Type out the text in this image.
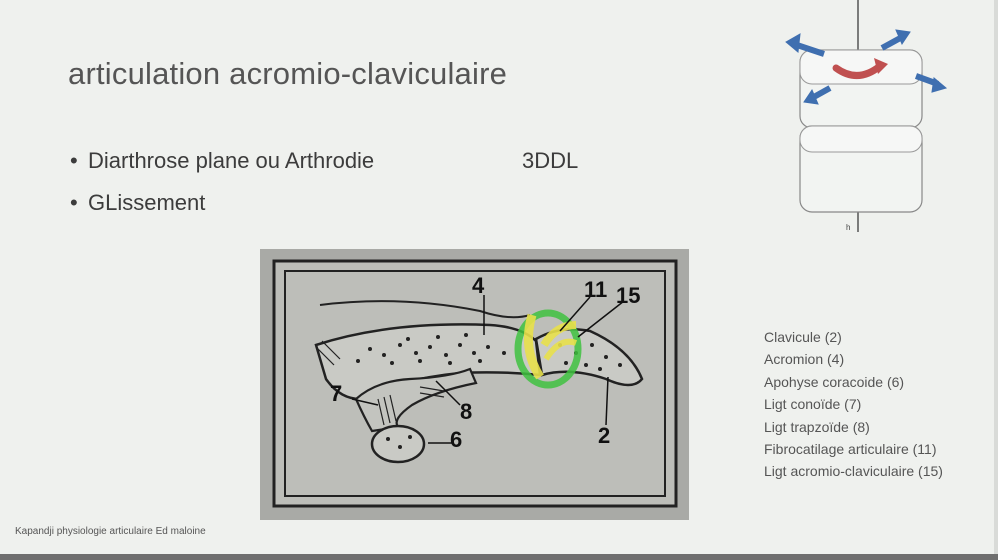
articulation acromio-claviculaire
• Diarthrose plane ou Arthrodie
• GLissement
3DDL
h
4	11 15
7
8
6	2
Clavicule (2)
Acromion (4)
Apohyse coracoide (6)
Ligt conoïde (7)
Ligt trapzoïde (8)
Fibrocatilage articulaire (11)
Ligt acromio-claviculaire (15)
Kapandji physiologie articulaire Ed maloine
